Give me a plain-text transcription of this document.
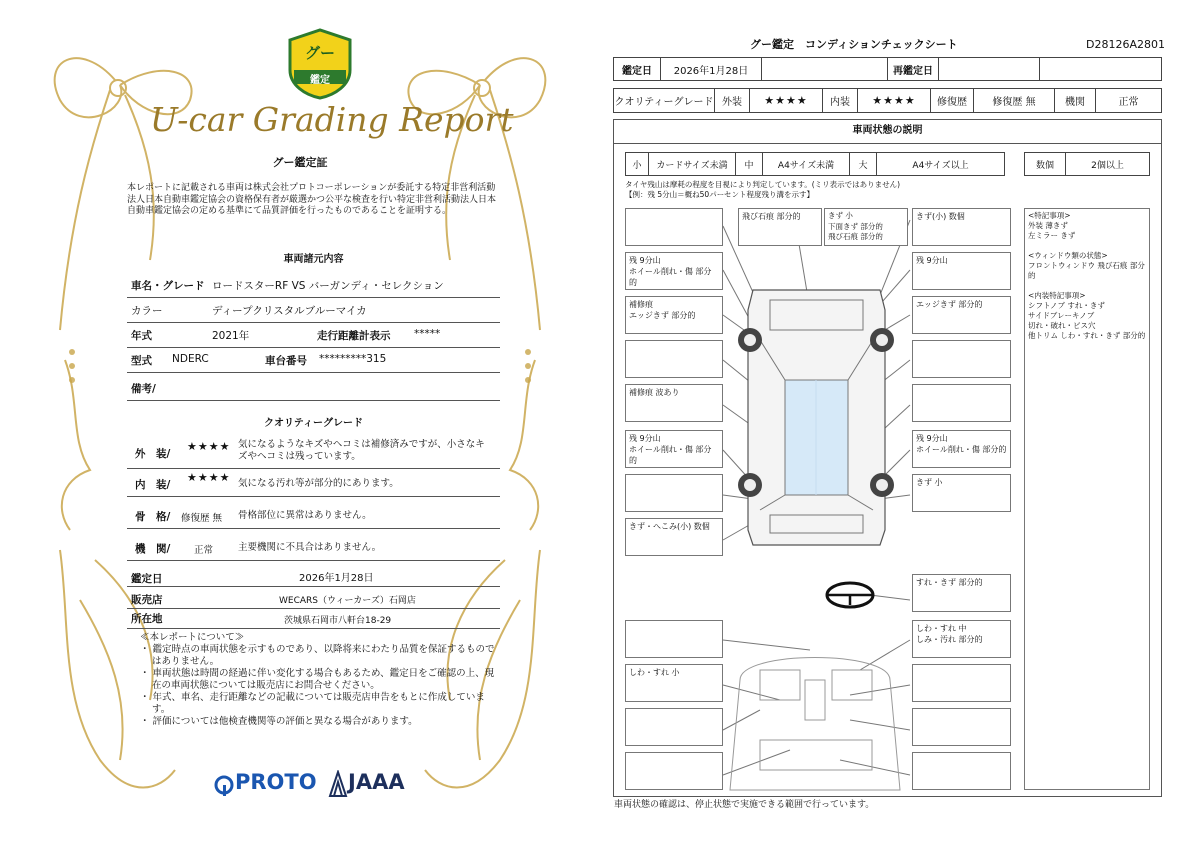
グー
鑑定
U-car Grading Report
グー鑑定証
本レポートに記載される車両は株式会社プロトコーポレーションが委託する特定非営利活動法人日本自動車鑑定協会の資格保有者が厳選かつ公平な検査を行い特定非営利活動法人日本自動車鑑定協会の定める基準にて品質評価を行ったものであることを証明する。
車両諸元内容
車名・グレード ロードスターRF VS バーガンディ・セレクション
カラー	ディープクリスタルブルーマイカ
年式	2021年	走行距離計表示 *****
型式 NDERC	車台番号 *********315
備考/
クオリティーグレード
外　装/
★★★★ 気になるようなキズやヘコミは補修済みですが、小さなキズやヘコミは残っています。
内　装/
★★★★ 気になる汚れ等が部分的にあります。
骨　格/ 修復歴 無 骨格部位に異常はありません。
機　関/ 正常	主要機関に不具合はありません。
鑑定日	2026年1月28日
販売店	WECARS（ウィーカーズ）石岡店
所在地	茨城県石岡市八軒台18-29
≪本レポートについて≫
・ 鑑定時点の車両状態を示すものであり、以降将来にわたり品質を保証するものではありません。
・ 車両状態は時間の経過に伴い変化する場合もあるため、鑑定日をご確認の上、現在の車両状態については販売店にお問合せください。
・ 年式、車名、走行距離などの記載については販売店申告をもとに作成しています。
・ 評価については他検査機関等の評価と異なる場合があります。
PROTO JAAA
グー鑑定　コンディションチェックシート	D28126A2801
鑑定日	2026年1月28日		再鑑定日		
クオリティーグレード	外装	★★★★	内装	★★★★	修復歴	修復歴 無	機関	正常
車両状態の説明
小	カードサイズ未満	中	A4サイズ未満	大	A4サイズ以上	数個	2個以上
タイヤ残山は摩耗の程度を目視により判定しています。(ミリ表示ではありません)
【例：残 5分山＝概ね50パーセント程度残り溝を示す】
残 9分山
ホイール削れ・傷 部分的
補修痕
エッジきず 部分的
補修痕 波あり
残 9分山
ホイール削れ・傷 部分的
きず・へこみ(小) 数個
飛び石痕 部分的	きず 小
下面きず 部分的
飛び石痕 部分的
きず(小) 数個
残 9分山
エッジきず 部分的
残 9分山
ホイール削れ・傷 部分的
きず 小
すれ・きず 部分的
しわ・すれ 中
しみ・汚れ 部分的
しわ・すれ 小
<特記事項>
外装 薄きず
左ミラー きず

<ウィンドウ類の状態>
フロントウィンドウ 飛び石痕 部分的

<内装特記事項>
シフトノブ すれ・きず
サイドブレーキノブ
切れ・破れ・ビス穴
他トリム しわ・すれ・きず 部分的
車両状態の確認は、停止状態で実施できる範囲で行っています。
